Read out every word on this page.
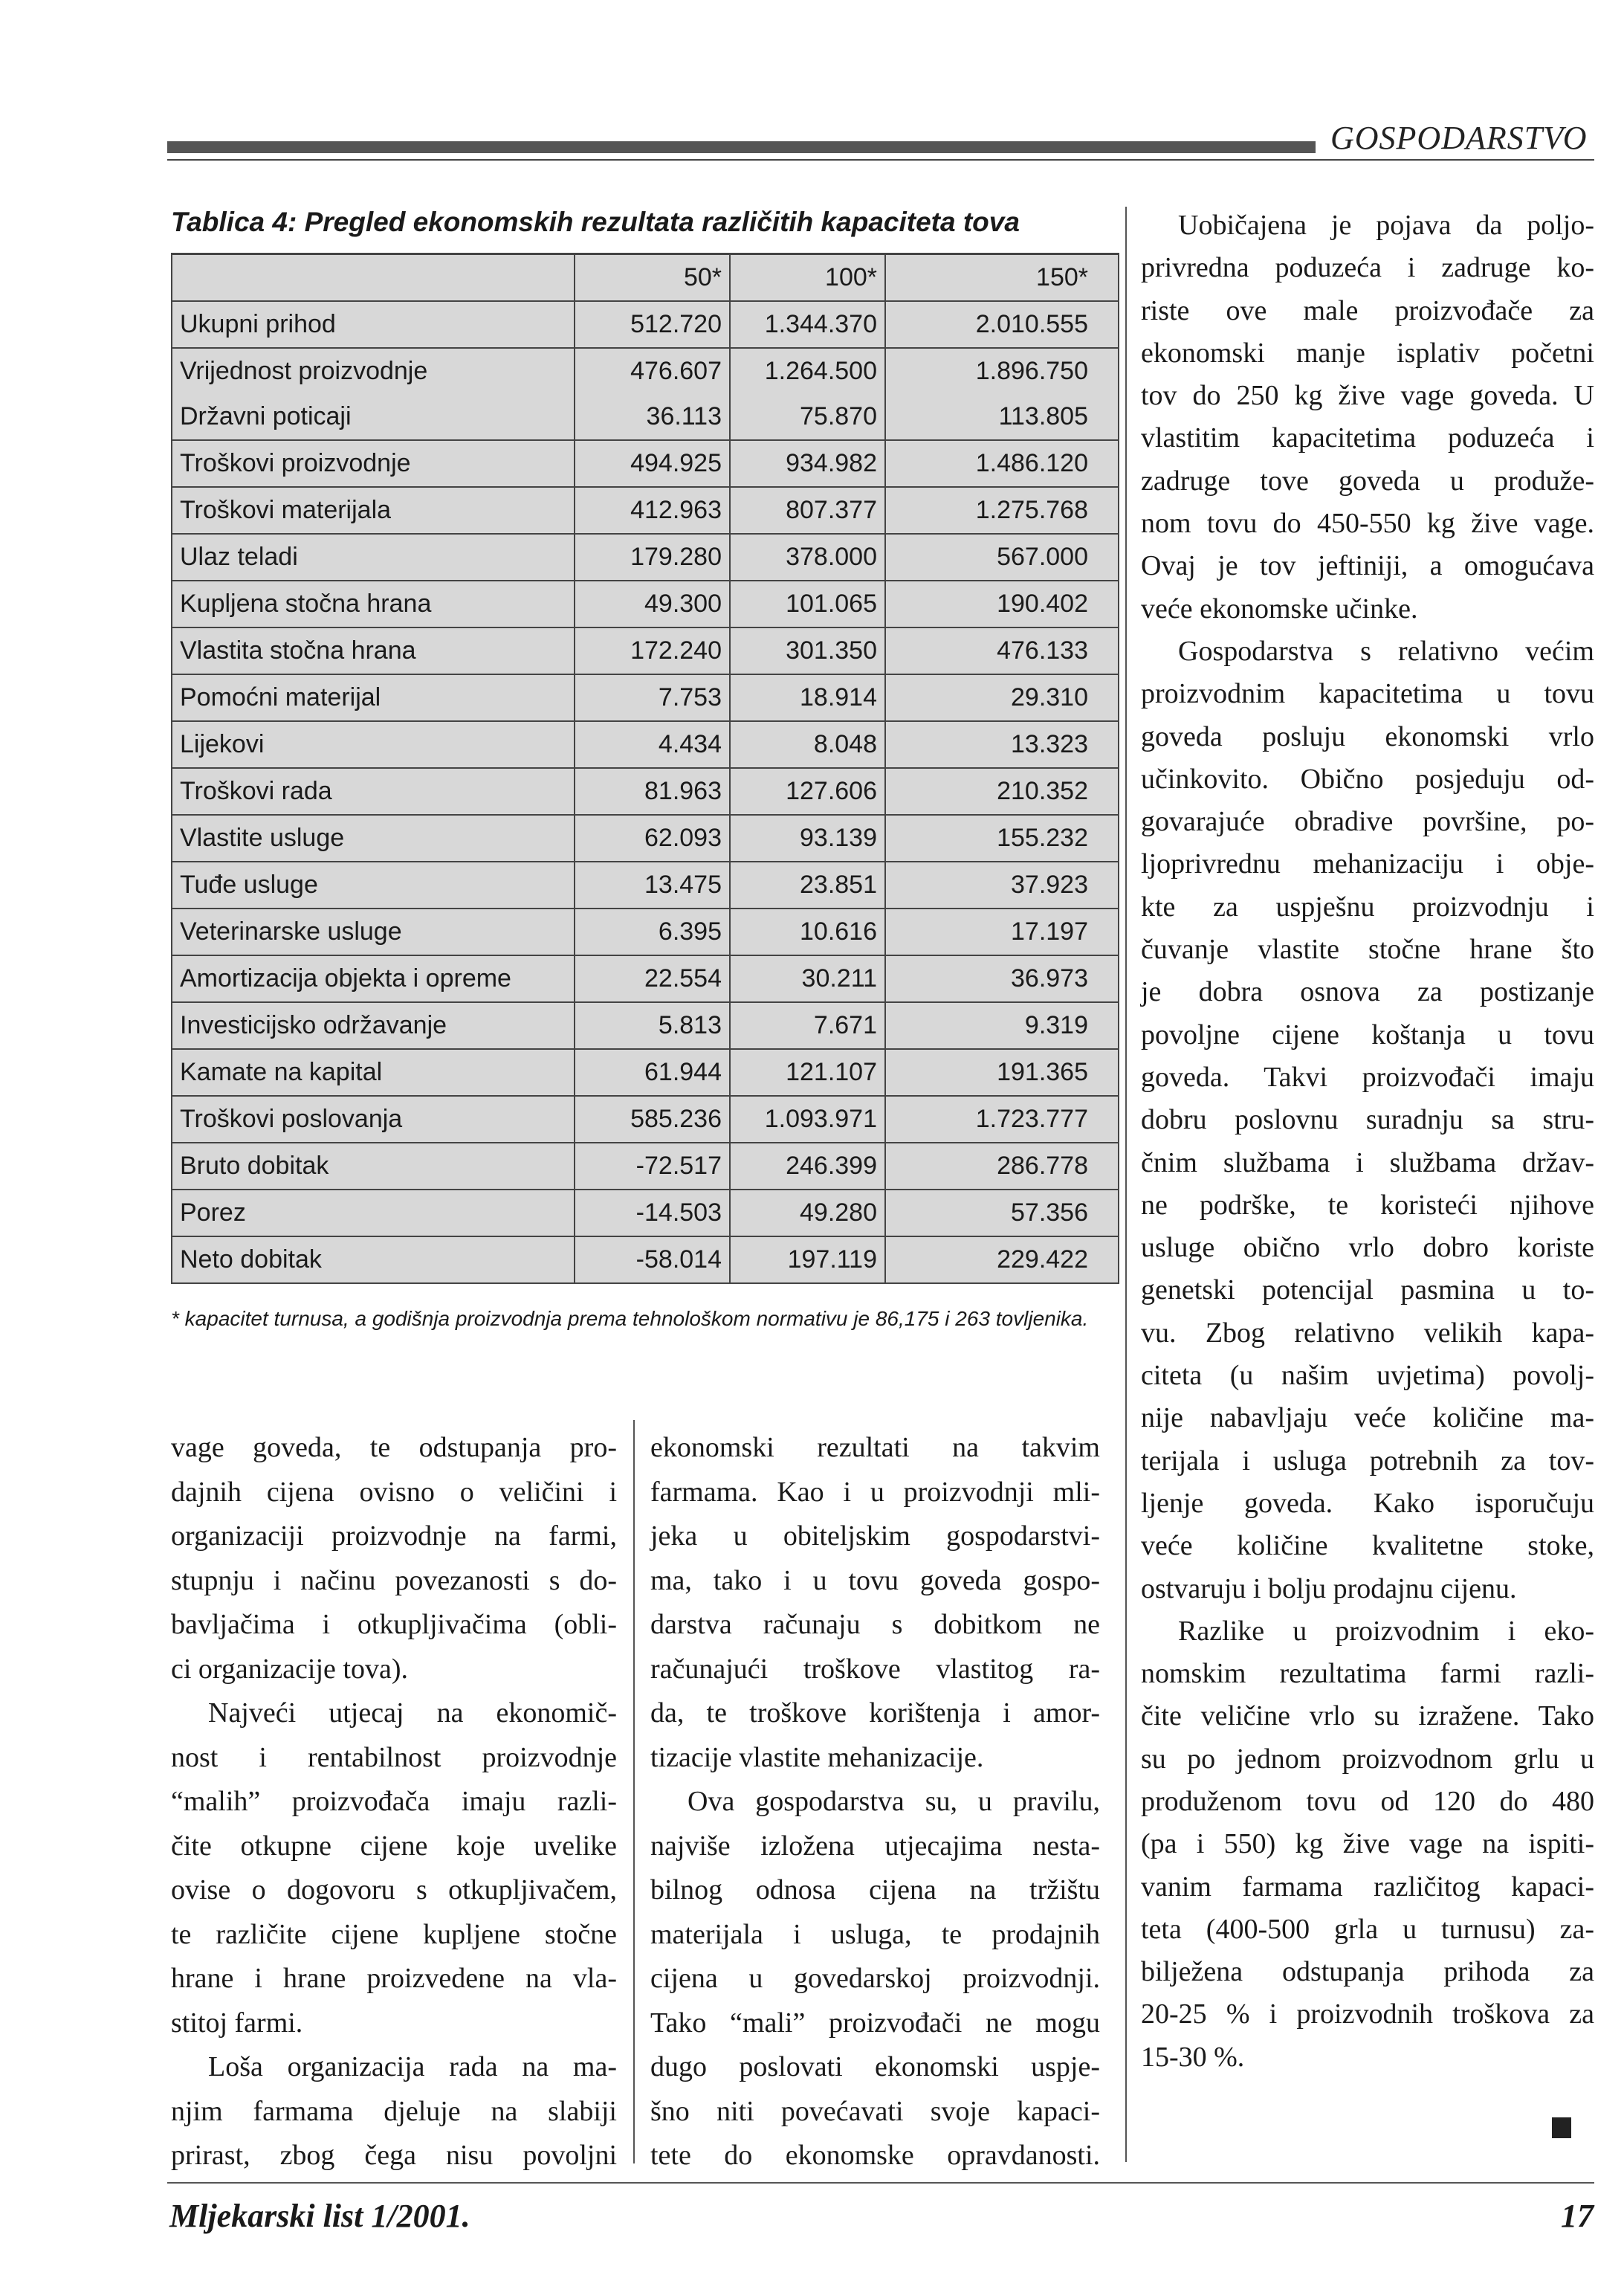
GOSPODARSTVO
Tablica 4: Pregled ekonomskih rezultata različitih kapaciteta tova
	50*	100*	150*
Ukupni prihod	512.720	1.344.370	2.010.555
Vrijednost proizvodnje	476.607	1.264.500	1.896.750
Državni poticaji	36.113	75.870	113.805
Troškovi proizvodnje	494.925	934.982	1.486.120
Troškovi materijala	412.963	807.377	1.275.768
Ulaz teladi	179.280	378.000	567.000
Kupljena stočna hrana	49.300	101.065	190.402
Vlastita stočna hrana	172.240	301.350	476.133
Pomoćni materijal	7.753	18.914	29.310
Lijekovi	4.434	8.048	13.323
Troškovi rada	81.963	127.606	210.352
Vlastite usluge	62.093	93.139	155.232
Tuđe usluge	13.475	23.851	37.923
Veterinarske usluge	6.395	10.616	17.197
Amortizacija objekta i opreme	22.554	30.211	36.973
Investicijsko održavanje	5.813	7.671	9.319
Kamate na kapital	61.944	121.107	191.365
Troškovi poslovanja	585.236	1.093.971	1.723.777
Bruto dobitak	-72.517	246.399	286.778
Porez	-14.503	49.280	57.356
Neto dobitak	-58.014	197.119	229.422
* kapacitet turnusa, a godišnja proizvodnja prema tehnološkom normativu je 86,175 i 263 tovljenika.
vage goveda, te odstupanja pro-
dajnih cijena ovisno o veličini i
organizaciji proizvodnje na farmi,
stupnju i načinu povezanosti s do-
bavljačima i otkupljivačima (obli-
ci organizacije tova).
Najveći utjecaj na ekonomič-
nost i rentabilnost proizvodnje
“malih” proizvođača imaju razli-
čite otkupne cijene koje uvelike
ovise o dogovoru s otkupljivačem,
te različite cijene kupljene stočne
hrane i hrane proizvedene na vla-
stitoj farmi.
Loša organizacija rada na ma-
njim farmama djeluje na slabiji
prirast, zbog čega nisu povoljni
ekonomski rezultati na takvim
farmama. Kao i u proizvodnji mli-
jeka u obiteljskim gospodarstvi-
ma, tako i u tovu goveda gospo-
darstva računaju s dobitkom ne
računajući troškove vlastitog ra-
da, te troškove korištenja i amor-
tizacije vlastite mehanizacije.
Ova gospodarstva su, u pravilu,
najviše izložena utjecajima nesta-
bilnog odnosa cijena na tržištu
materijala i usluga, te prodajnih
cijena u govedarskoj proizvodnji.
Tako “mali” proizvođači ne mogu
dugo poslovati ekonomski uspje-
šno niti povećavati svoje kapaci-
tete do ekonomske opravdanosti.
Uobičajena je pojava da poljo-
privredna poduzeća i zadruge ko-
riste ove male proizvođače za
ekonomski manje isplativ početni
tov do 250 kg žive vage goveda. U
vlastitim kapacitetima poduzeća i
zadruge tove goveda u produže-
nom tovu do 450-550 kg žive vage.
Ovaj je tov jeftiniji, a omogućava
veće ekonomske učinke.
Gospodarstva s relativno većim
proizvodnim kapacitetima u tovu
goveda posluju ekonomski vrlo
učinkovito. Obično posjeduju od-
govarajuće obradive površine, po-
ljoprivrednu mehanizaciju i obje-
kte za uspješnu proizvodnju i
čuvanje vlastite stočne hrane što
je dobra osnova za postizanje
povoljne cijene koštanja u tovu
goveda. Takvi proizvođači imaju
dobru poslovnu suradnju sa stru-
čnim službama i službama držav-
ne podrške, te koristeći njihove
usluge obično vrlo dobro koriste
genetski potencijal pasmina u to-
vu. Zbog relativno velikih kapa-
citeta (u našim uvjetima) povolj-
nije nabavljaju veće količine ma-
terijala i usluga potrebnih za tov-
ljenje goveda. Kako isporučuju
veće količine kvalitetne stoke,
ostvaruju i bolju prodajnu cijenu.
Razlike u proizvodnim i eko-
nomskim rezultatima farmi razli-
čite veličine vrlo su izražene. Tako
su po jednom proizvodnom grlu u
produženom tovu od 120 do 480
(pa i 550) kg žive vage na ispiti-
vanim farmama različitog kapaci-
teta (400-500 grla u turnusu) za-
bilježena odstupanja prihoda za
20-25 % i proizvodnih troškova za
15-30 %.
Mljekarski list 1/2001.	17
